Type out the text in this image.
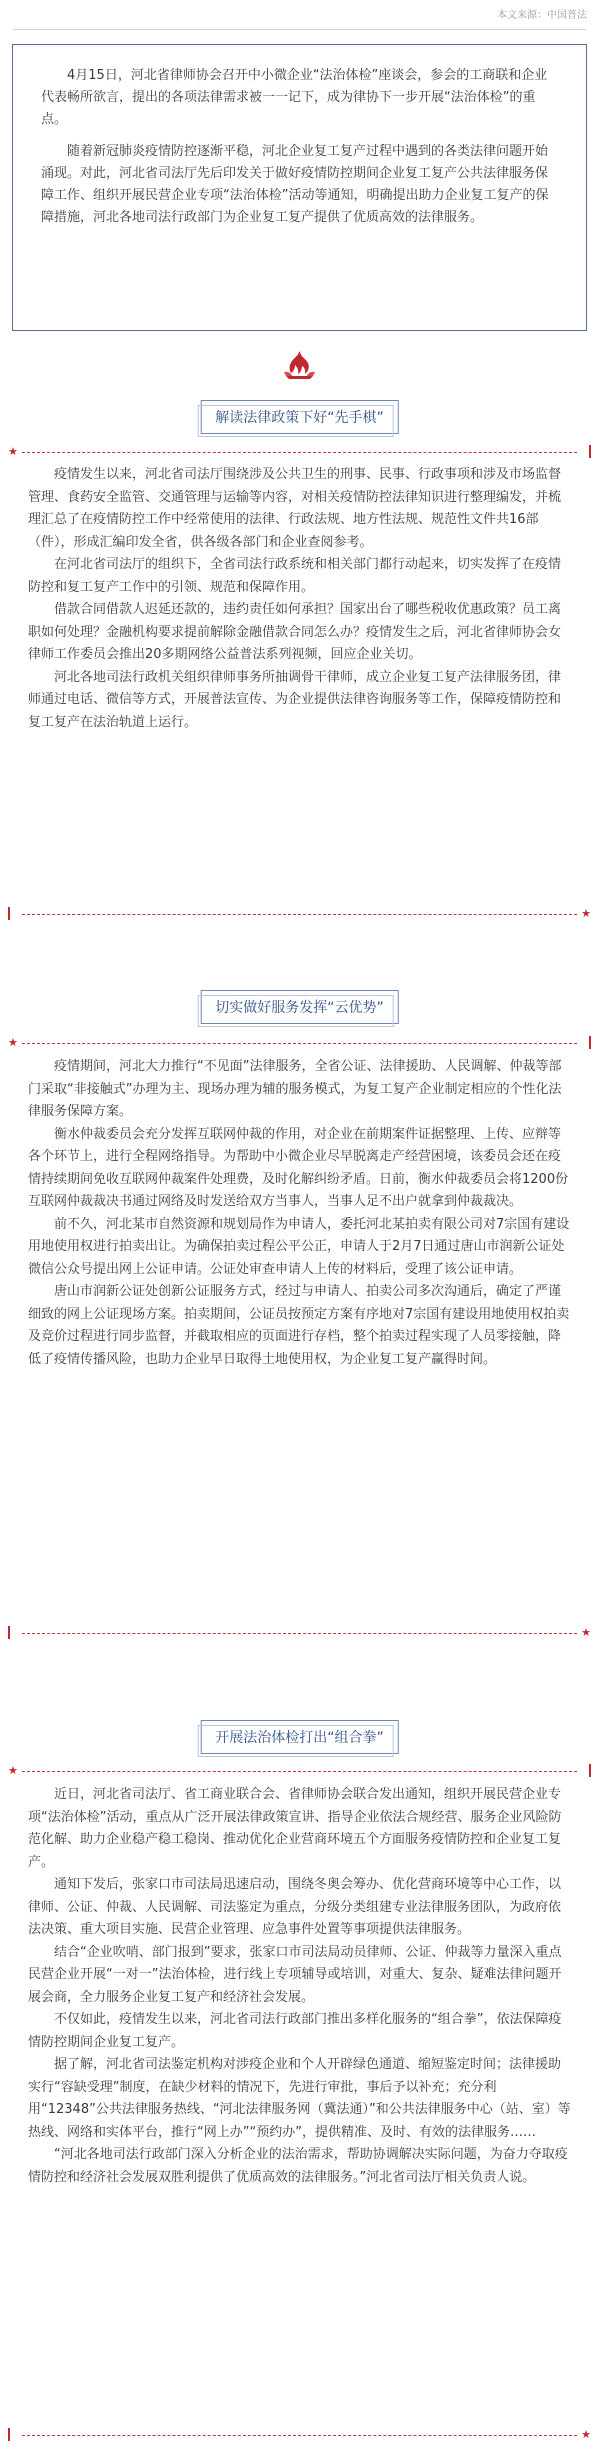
本文来源：中国普法

4月15日，河北省律师协会召开中小微企业“法治体检”座谈会，参会的工商联和企业代表畅所欲言，提出的各项法律需求被一一记下，成为律协下一步开展“法治体检”的重点。

随着新冠肺炎疫情防控逐渐平稳，河北企业复工复产过程中遇到的各类法律问题开始涌现。对此，河北省司法厅先后印发关于做好疫情防控期间企业复工复产公共法律服务保障工作、组织开展民营企业专项“法治体检”活动等通知，明确提出助力企业复工复产的保障措施，河北各地司法行政部门为企业复工复产提供了优质高效的法律服务。

解读法律政策下好“先手棋”
★

疫情发生以来，河北省司法厅围绕涉及公共卫生的刑事、民事、行政事项和涉及市场监督管理、食药安全监管、交通管理与运输等内容，对相关疫情防控法律知识进行整理编发，并梳理汇总了在疫情防控工作中经常使用的法律、行政法规、地方性法规、规范性文件共16部（件），形成汇编印发全省，供各级各部门和企业查阅参考。

在河北省司法厅的组织下，全省司法行政系统和相关部门都行动起来，切实发挥了在疫情防控和复工复产工作中的引领、规范和保障作用。

借款合同借款人迟延还款的，违约责任如何承担？国家出台了哪些税收优惠政策？员工离职如何处理？金融机构要求提前解除金融借款合同怎么办？疫情发生之后，河北省律师协会女律师工作委员会推出20多期网络公益普法系列视频，回应企业关切。

河北各地司法行政机关组织律师事务所抽调骨干律师，成立企业复工复产法律服务团，律师通过电话、微信等方式，开展普法宣传、为企业提供法律咨询服务等工作，保障疫情防控和复工复产在法治轨道上运行。

★
切实做好服务发挥“云优势”
★

疫情期间，河北大力推行“不见面”法律服务，全省公证、法律援助、人民调解、仲裁等部门采取“非接触式”办理为主、现场办理为辅的服务模式，为复工复产企业制定相应的个性化法律服务保障方案。

衡水仲裁委员会充分发挥互联网仲裁的作用，对企业在前期案件证据整理、上传、应辩等各个环节上，进行全程网络指导。为帮助中小微企业尽早脱离走产经营困境，该委员会还在疫情持续期间免收互联网仲裁案件处理费，及时化解纠纷矛盾。日前，衡水仲裁委员会将1200份互联网仲裁裁决书通过网络及时发送给双方当事人，当事人足不出户就拿到仲裁裁决。

前不久，河北某市自然资源和规划局作为申请人，委托河北某拍卖有限公司对7宗国有建设用地使用权进行拍卖出让。为确保拍卖过程公平公正，申请人于2月7日通过唐山市润新公证处微信公众号提出网上公证申请。公证处审查申请人上传的材料后，受理了该公证申请。

唐山市润新公证处创新公证服务方式，经过与申请人、拍卖公司多次沟通后，确定了严谨细致的网上公证现场方案。拍卖期间，公证员按预定方案有序地对7宗国有建设用地使用权拍卖及竞价过程进行同步监督，并截取相应的页面进行存档，整个拍卖过程实现了人员零接触，降低了疫情传播风险，也助力企业早日取得土地使用权，为企业复工复产赢得时间。

★
开展法治体检打出“组合拳”
★

近日，河北省司法厅、省工商业联合会、省律师协会联合发出通知，组织开展民营企业专项“法治体检”活动，重点从广泛开展法律政策宣讲、指导企业依法合规经营、服务企业风险防范化解、助力企业稳产稳工稳岗、推动优化企业营商环境五个方面服务疫情防控和企业复工复产。

通知下发后，张家口市司法局迅速启动，围绕冬奥会筹办、优化营商环境等中心工作，以律师、公证、仲裁、人民调解、司法鉴定为重点，分级分类组建专业法律服务团队，为政府依法决策、重大项目实施、民营企业管理、应急事件处置等事项提供法律服务。

结合“企业吹哨、部门报到”要求，张家口市司法局动员律师、公证、仲裁等力量深入重点民营企业开展“一对一”法治体检，进行线上专项辅导或培训，对重大、复杂、疑难法律问题开展会商，全力服务企业复工复产和经济社会发展。

不仅如此，疫情发生以来，河北省司法行政部门推出多样化服务的“组合拳”，依法保障疫情防控期间企业复工复产。

据了解，河北省司法鉴定机构对涉疫企业和个人开辟绿色通道、缩短鉴定时间；法律援助实行“容缺受理”制度，在缺少材料的情况下，先进行审批，事后予以补充；充分利用“12348”公共法律服务热线、“河北法律服务网（冀法通）”和公共法律服务中心（站、室）等热线、网络和实体平台，推行“网上办”“预约办”，提供精准、及时、有效的法律服务……

“河北各地司法行政部门深入分析企业的法治需求，帮助协调解决实际问题，为奋力夺取疫情防控和经济社会发展双胜利提供了优质高效的法律服务。”河北省司法厅相关负责人说。

★
